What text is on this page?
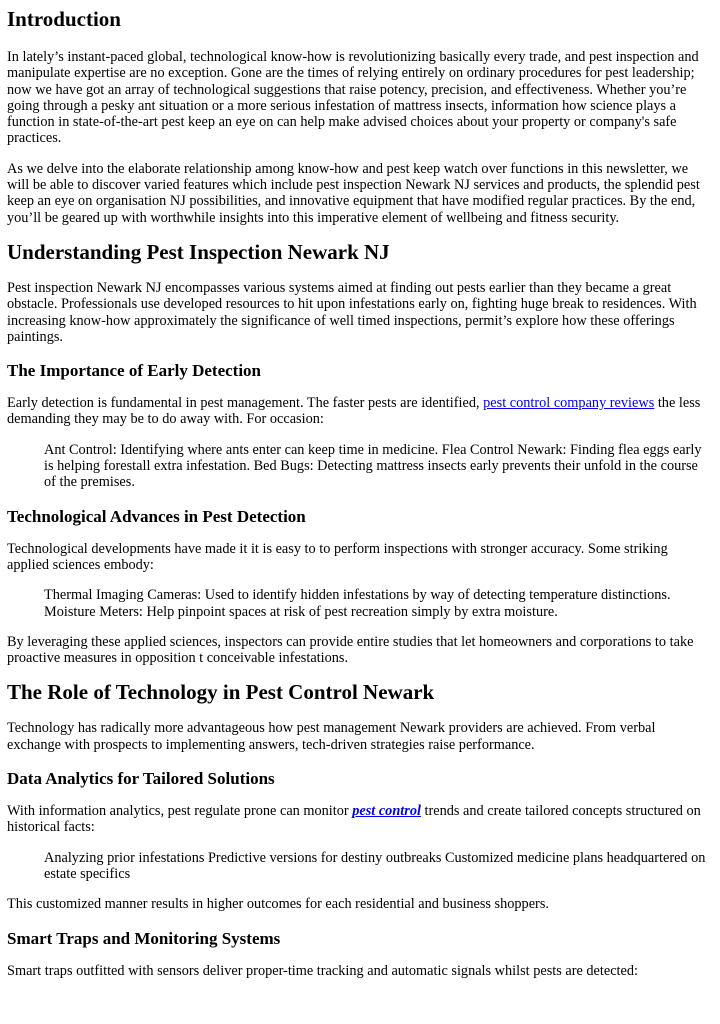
Introduction

In lately’s instant-paced global, technological know-how is revolutionizing basically every trade, and pest inspection and manipulate expertise are no exception. Gone are the times of relying entirely on ordinary procedures for pest leadership; now we have got an array of technological suggestions that raise potency, precision, and effectiveness. Whether you’re going through a pesky ant situation or a more serious infestation of mattress insects, information how science plays a function in state-of-the-art pest keep an eye on can help make advised choices about your property or company's safe practices.

As we delve into the elaborate relationship among know-how and pest keep watch over functions in this newsletter, we will be able to discover varied features which include pest inspection Newark NJ services and products, the splendid pest keep an eye on organisation NJ possibilities, and innovative equipment that have modified regular practices. By the end, you’ll be geared up with worthwhile insights into this imperative element of wellbeing and fitness security.

Understanding Pest Inspection Newark NJ

Pest inspection Newark NJ encompasses various systems aimed at finding out pests earlier than they became a great obstacle. Professionals use developed resources to hit upon infestations early on, fighting huge break to residences. With increasing know-how approximately the significance of well timed inspections, permit’s explore how these offerings paintings.

The Importance of Early Detection

Early detection is fundamental in pest management. The faster pests are identified, pest control company reviews the less demanding they may be to do away with. For occasion:

Ant Control: Identifying where ants enter can keep time in medicine. Flea Control Newark: Finding flea eggs early is helping forestall extra infestation. Bed Bugs: Detecting mattress insects early prevents their unfold in the course of the premises.
Technological Advances in Pest Detection

Technological developments have made it it is easy to to perform inspections with stronger accuracy. Some striking applied sciences embody:

Thermal Imaging Cameras: Used to identify hidden infestations by way of detecting temperature distinctions. Moisture Meters: Help pinpoint spaces at risk of pest recreation simply by extra moisture.

By leveraging these applied sciences, inspectors can provide entire studies that let homeowners and corporations to take proactive measures in opposition t conceivable infestations.

The Role of Technology in Pest Control Newark

Technology has radically more advantageous how pest management Newark providers are achieved. From verbal exchange with prospects to implementing answers, tech-driven strategies raise performance.

Data Analytics for Tailored Solutions

With information analytics, pest regulate prone can monitor pest control trends and create tailored concepts structured on historical facts:

Analyzing prior infestations Predictive versions for destiny outbreaks Customized medicine plans headquartered on estate specifics

This customized manner results in higher outcomes for each residential and business shoppers.

Smart Traps and Monitoring Systems

Smart traps outfitted with sensors deliver proper-time tracking and automatic signals whilst pests are detected:
